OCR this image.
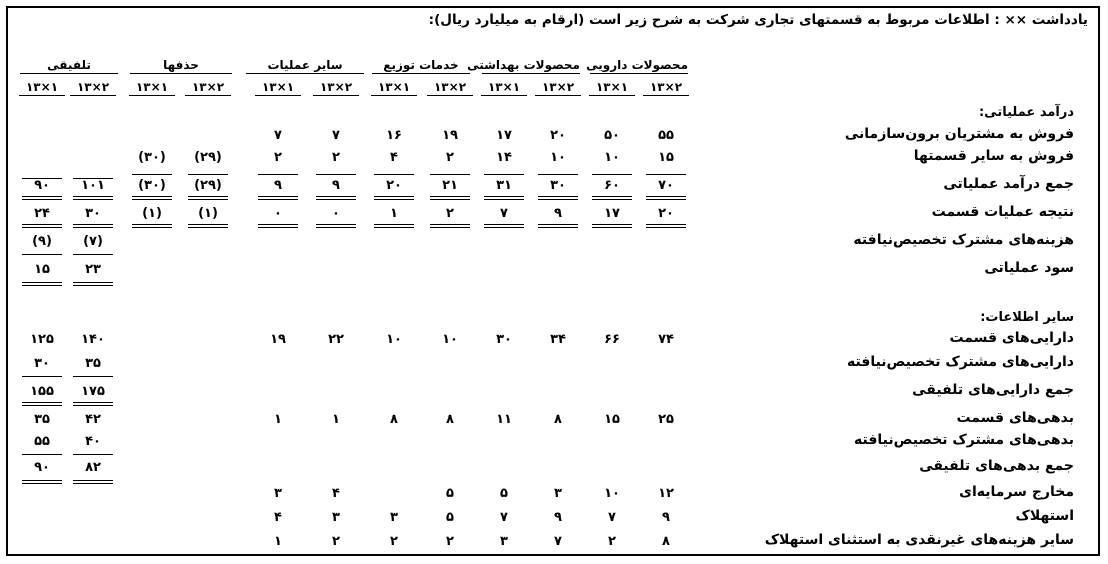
یادداشت ×× : اطلاعات مربوط به قسمتهای تجاری شرکت به شرح زیر است (ارقام به میلیارد ریال):
محصولات دارویی
محصولات بهداشتی
خدمات توزیع
سایر عملیات
حذفها
تلفیقی
۱۳×۲
۱۳×۱
۱۳×۲
۱۳×۱
۱۳×۲
۱۳×۱
۱۳×۲
۱۳×۱
۱۳×۲
۱۳×۱
۱۳×۲
۱۳×۱
درآمد عملیاتی:
سایر اطلاعات:
فروش به مشتریان برون‌سازمانی
۵۵
۵۰
۲۰
۱۷
۱۹
۱۶
۷
۷
فروش به سایر قسمتها
۱۵
۱۰
۱۰
۱۴
۲
۴
۲
۲
(۲۹)
(۳۰)
جمع درآمد عملیاتی
۷۰
۶۰
۳۰
۳۱
۲۱
۲۰
۹
۹
(۲۹)
(۳۰)
۱۰۱
۹۰
نتیجه عملیات قسمت
۲۰
۱۷
۹
۷
۲
۱
۰
۰
(۱)
(۱)
۳۰
۲۴
هزینه‌های مشترک تخصیص‌نیافته
(۷)
(۹)
سود عملیاتی
۲۳
۱۵
دارایی‌های قسمت
۷۴
۶۶
۳۴
۳۰
۱۰
۱۰
۲۲
۱۹
۱۴۰
۱۲۵
دارایی‌های مشترک تخصیص‌نیافته
۳۵
۳۰
جمع دارایی‌های تلفیقی
۱۷۵
۱۵۵
بدهی‌های قسمت
۲۵
۱۵
۸
۱۱
۸
۸
۱
۱
۴۲
۳۵
بدهی‌های مشترک تخصیص‌نیافته
۴۰
۵۵
جمع بدهی‌های تلفیقی
۸۲
۹۰
مخارج سرمایه‌ای
۱۲
۱۰
۳
۵
۵
۴
۳
استهلاک
۹
۷
۹
۷
۵
۳
۳
۴
سایر هزینه‌های غیرنقدی به استثنای استهلاک
۸
۲
۷
۳
۲
۲
۲
۱
